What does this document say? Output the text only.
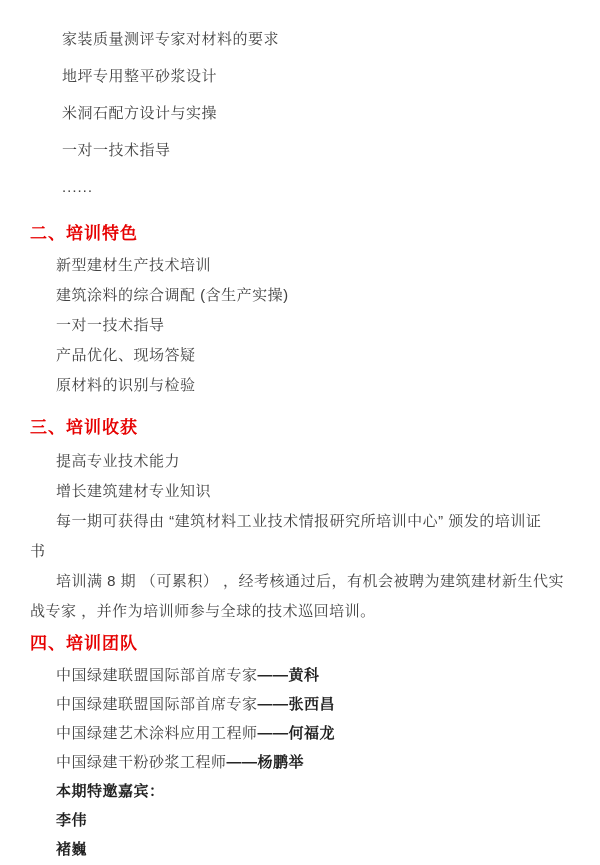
家装质量测评专家对材料的要求
地坪专用整平砂浆设计
米洞石配方设计与实操
一对一技术指导
......
二、培训特色
新型建材生产技术培训
建筑涂料的综合调配 (含生产实操)
一对一技术指导
产品优化、现场答疑
原材料的识别与检验
三、培训收获
提高专业技术能力
增长建筑建材专业知识
每一期可获得由 “建筑材料工业技术情报研究所培训中心” 颁发的培训证
书
培训满 8 期 （可累积） ，经考核通过后，有机会被聘为建筑建材新生代实
战专家 ，并作为培训师参与全球的技术巡回培训。
四、培训团队
中国绿建联盟国际部首席专家——黄科
中国绿建联盟国际部首席专家——张西昌
中国绿建艺术涂料应用工程师——何福龙
中国绿建干粉砂浆工程师——杨鹏举
本期特邀嘉宾：
李伟
褚巍
